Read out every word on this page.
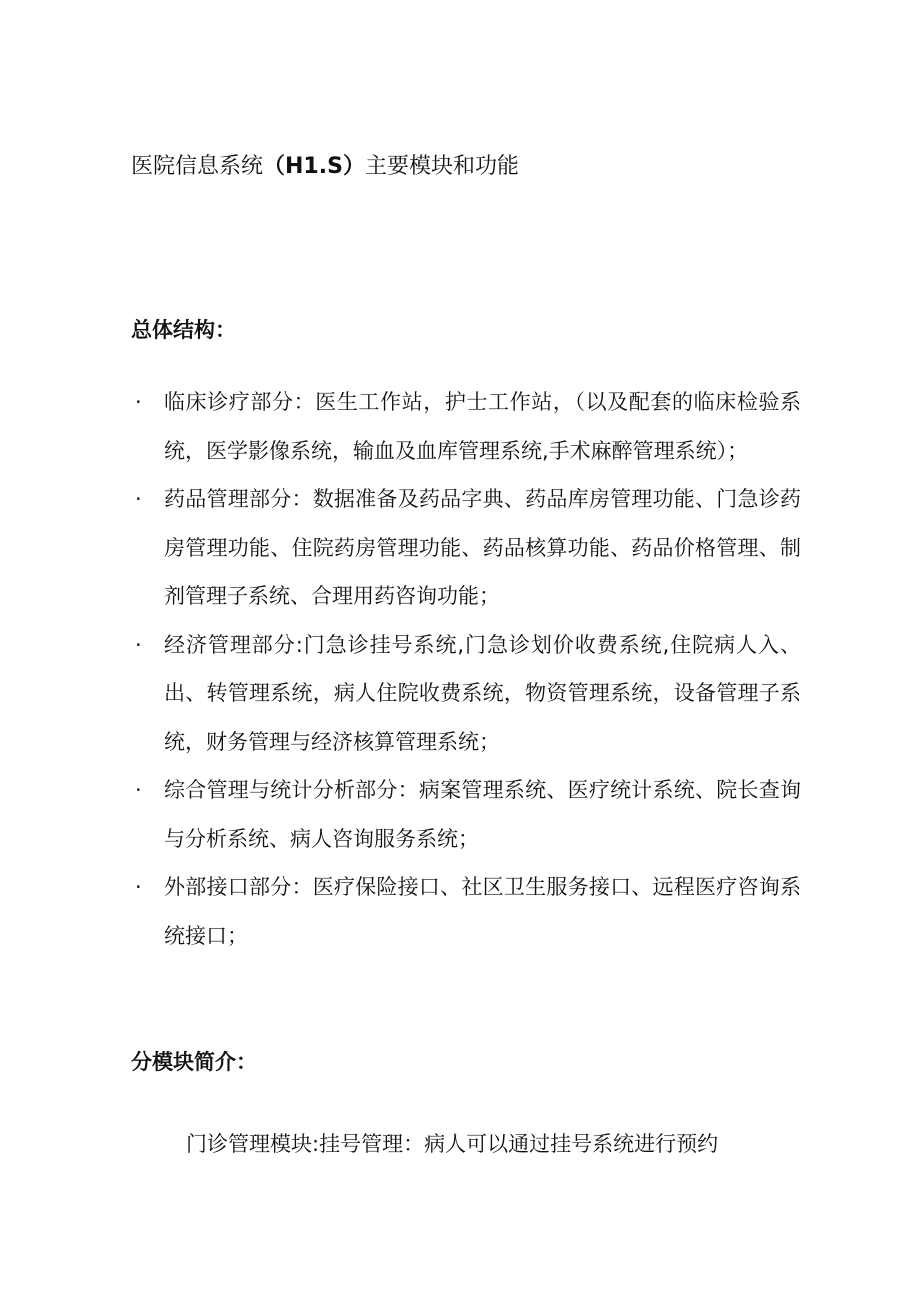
医院信息系统（H1.S）主要模块和功能
总体结构：
· 临床诊疗部分：医生工作站，护士工作站，（以及配套的临床检验系统，医学影像系统，输血及血库管理系统,手术麻醉管理系统）；
· 药品管理部分：数据准备及药品字典、药品库房管理功能、门急诊药房管理功能、住院药房管理功能、药品核算功能、药品价格管理、制剂管理子系统、合理用药咨询功能；
· 经济管理部分:门急诊挂号系统,门急诊划价收费系统,住院病人入、出、转管理系统，病人住院收费系统，物资管理系统，设备管理子系统，财务管理与经济核算管理系统；
· 综合管理与统计分析部分：病案管理系统、医疗统计系统、院长查询与分析系统、病人咨询服务系统；
· 外部接口部分：医疗保险接口、社区卫生服务接口、远程医疗咨询系统接口；
分模块简介：
门诊管理模块:挂号管理：病人可以通过挂号系统进行预约
